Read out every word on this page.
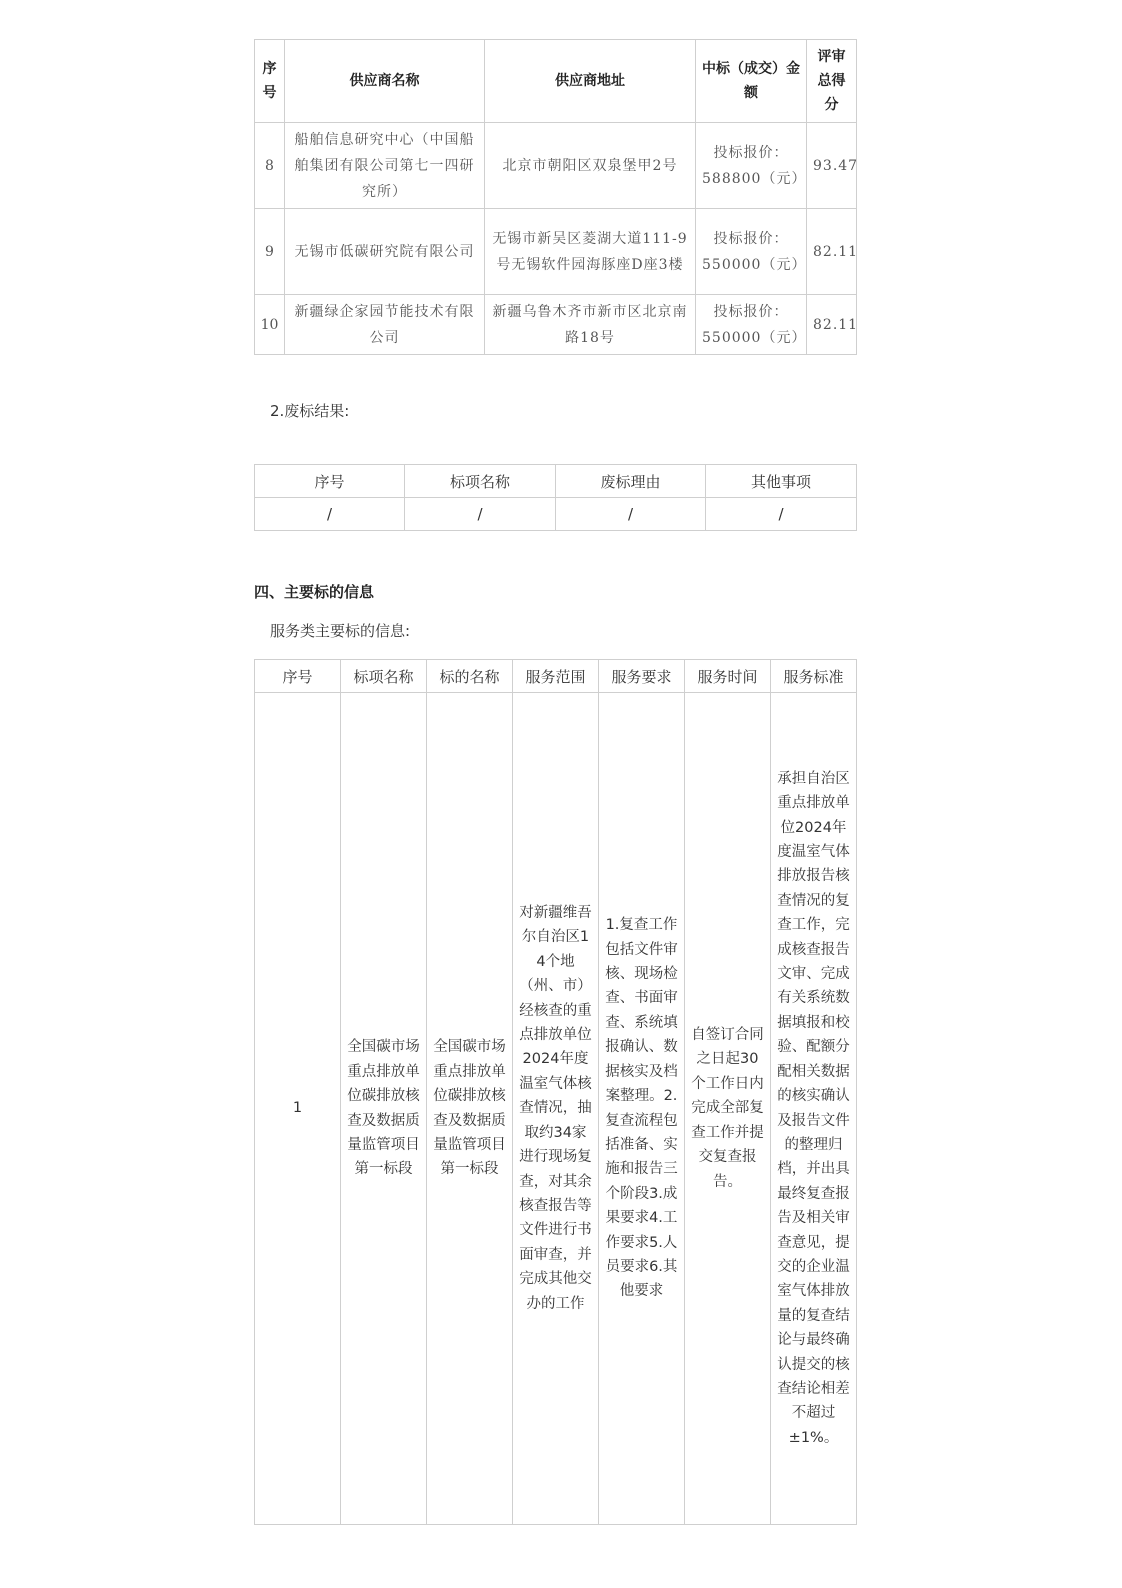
序号	供应商名称	供应商地址	中标（成交）金额	评审总得分
8	船舶信息研究中心（中国船舶集团有限公司第七一四研究所）	北京市朝阳区双泉堡甲2号	投标报价：588800（元）	93.47
9	无锡市低碳研究院有限公司	无锡市新吴区菱湖大道111-9号无锡软件园海豚座D座3楼	投标报价：550000（元）	82.11
10	新疆绿企家园节能技术有限公司	新疆乌鲁木齐市新市区北京南路18号	投标报价：550000（元）	82.11
2.废标结果:
序号	标项名称	废标理由	其他事项
/	/	/	/
四、主要标的信息
服务类主要标的信息:
序号	标项名称	标的名称	服务范围	服务要求	服务时间	服务标准
1	全国碳市场重点排放单位碳排放核查及数据质量监管项目第一标段	全国碳市场重点排放单位碳排放核查及数据质量监管项目第一标段	对新疆维吾尔自治区14个地（州、市）经核查的重点排放单位2024年度温室气体核查情况，抽取约34家进行现场复查，对其余核查报告等文件进行书面审查，并完成其他交办的工作	1.复查工作包括文件审核、现场检查、书面审查、系统填报确认、数据核实及档案整理。2.复查流程包括准备、实施和报告三个阶段3.成果要求4.工作要求5.人员要求6.其他要求	自签订合同之日起30个工作日内完成全部复查工作并提交复查报告。	承担自治区重点排放单位2024年度温室气体排放报告核查情况的复查工作，完成核查报告文审、完成有关系统数据填报和校验、配额分配相关数据的核实确认及报告文件的整理归档，并出具最终复查报告及相关审查意见，提交的企业温室气体排放量的复查结论与最终确认提交的核查结论相差不超过±1%。
